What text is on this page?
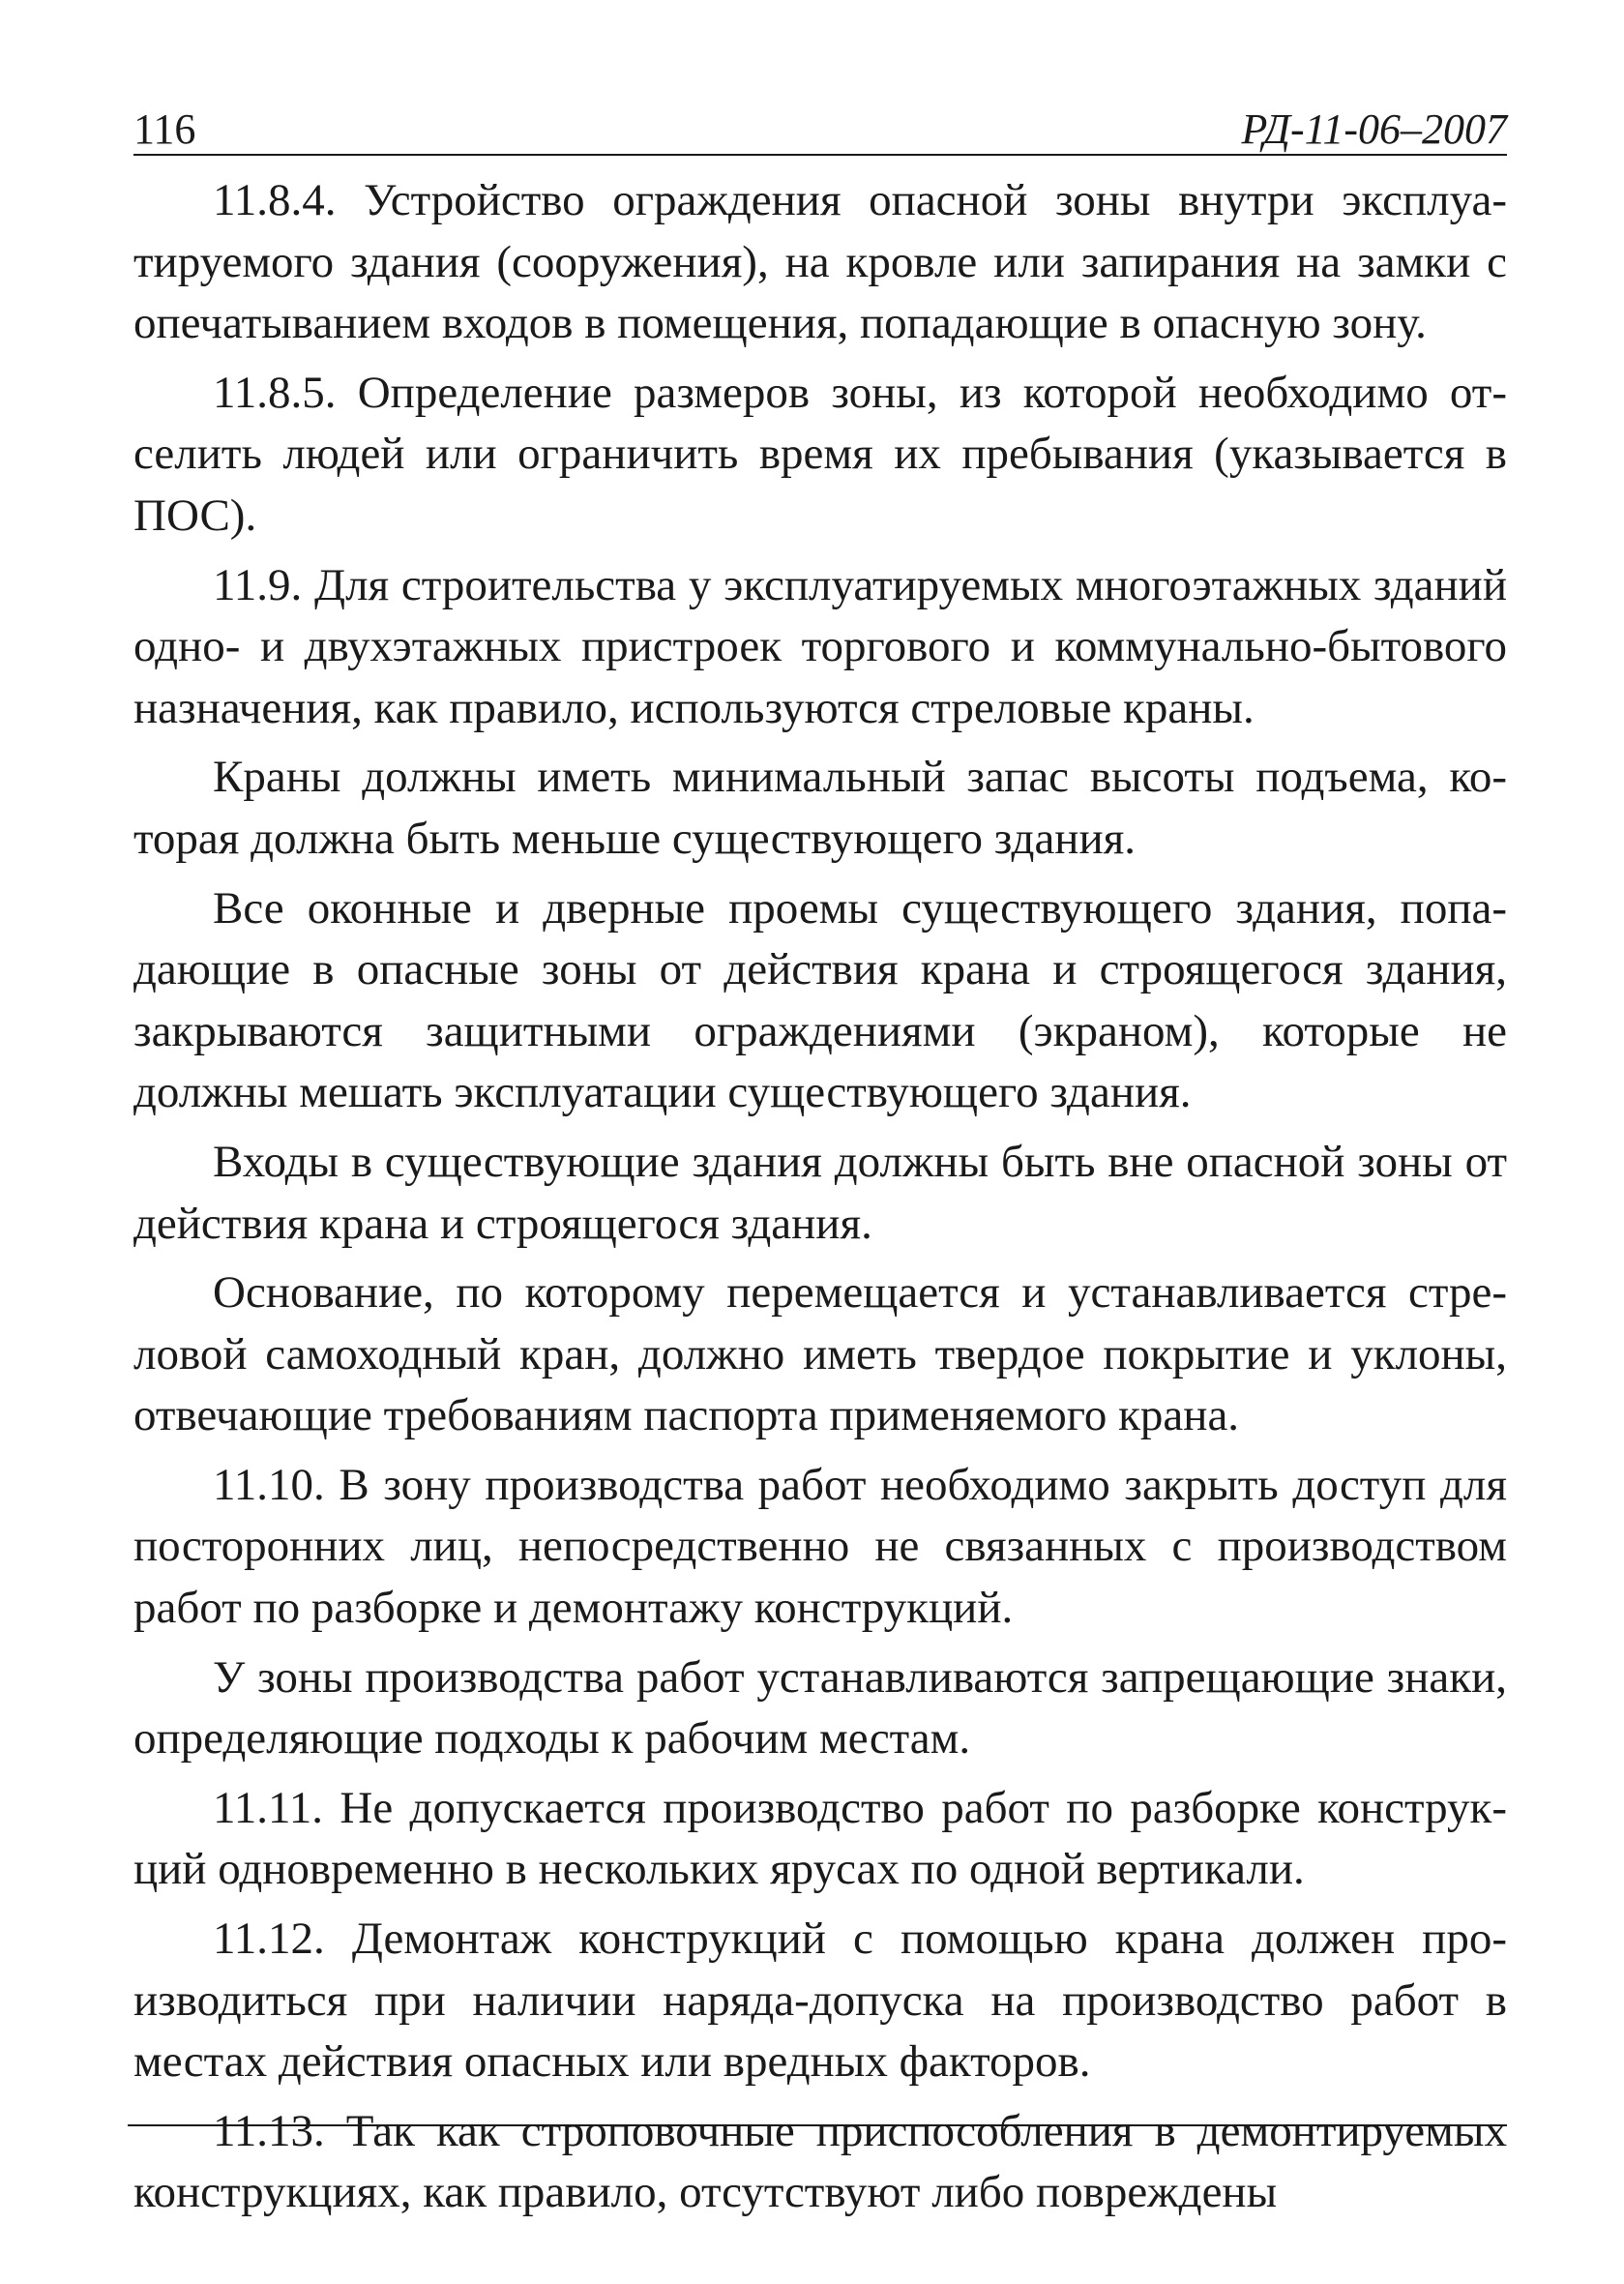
116	РД-11-06–2007

11.8.4. Устройство ограждения опасной зоны внутри эксплуатируемого здания (сооружения), на кровле или запирания на замки с опечатыванием входов в помещения, попадающие в опасную зону.

11.8.5. Определение размеров зоны, из которой необходимо отселить людей или ограничить время их пребывания (указывается в ПОС).

11.9. Для строительства у эксплуатируемых многоэтажных зданий одно- и двухэтажных пристроек торгового и коммунально-бытового назначения, как правило, используются стреловые краны.

Краны должны иметь минимальный запас высоты подъема, которая должна быть меньше существующего здания.

Все оконные и дверные проемы существующего здания, попадающие в опасные зоны от действия крана и строящегося здания, закрываются защитными ограждениями (экраном), которые не должны мешать эксплуатации существующего здания.

Входы в существующие здания должны быть вне опасной зоны от действия крана и строящегося здания.

Основание, по которому перемещается и устанавливается стреловой самоходный кран, должно иметь твердое покрытие и уклоны, отвечающие требованиям паспорта применяемого крана.

11.10. В зону производства работ необходимо закрыть доступ для посторонних лиц, непосредственно не связанных с производством работ по разборке и демонтажу конструкций.

У зоны производства работ устанавливаются запрещающие знаки, определяющие подходы к рабочим местам.

11.11. Не допускается производство работ по разборке конструкций одновременно в нескольких ярусах по одной вертикали.

11.12. Демонтаж конструкций с помощью крана должен производиться при наличии наряда-допуска на производство работ в местах действия опасных или вредных факторов.

11.13. Так как строповочные приспособления в демонтируемых конструкциях, как правило, отсутствуют либо повреждены
